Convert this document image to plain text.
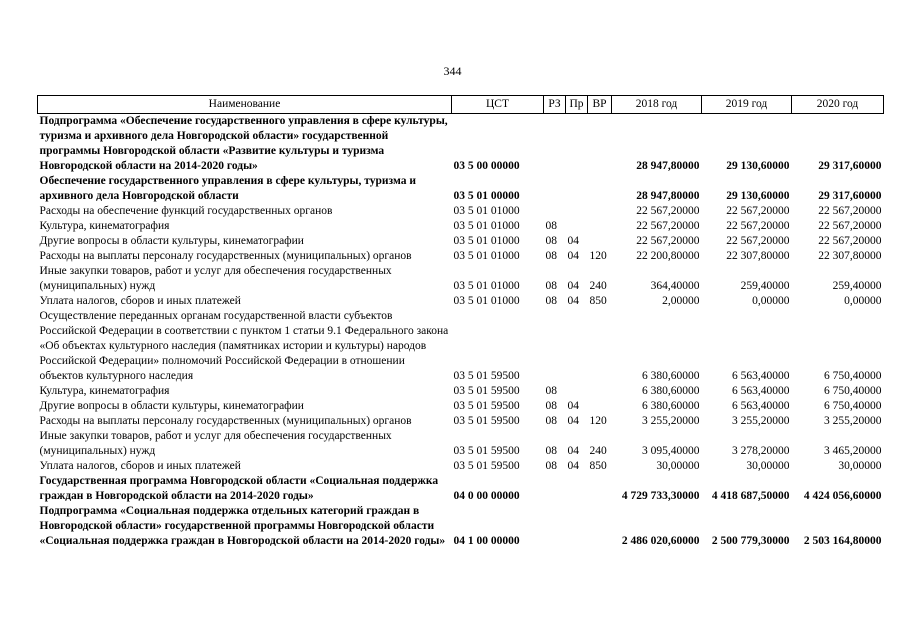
344
Наименование	ЦСТ	РЗ	Пр	ВР	2018 год	2019 год	2020 год
Подпрограмма «Обеспечение государственного управления в сфере культуры, туризма и архивного дела Новгородской области» государственной программы Новгородской области «Развитие культуры и туризма Новгородской области на 2014-2020 годы»	03 5 00 00000				28 947,80000	29 130,60000	29 317,60000
Обеспечение государственного управления в сфере культуры, туризма и архивного дела Новгородской области	03 5 01 00000				28 947,80000	29 130,60000	29 317,60000
Расходы на обеспечение функций государственных органов	03 5 01 01000				22 567,20000	22 567,20000	22 567,20000
Культура, кинематография	03 5 01 01000	08			22 567,20000	22 567,20000	22 567,20000
Другие вопросы в области культуры, кинематографии	03 5 01 01000	08	04		22 567,20000	22 567,20000	22 567,20000
Расходы на выплаты персоналу государственных (муниципальных) органов	03 5 01 01000	08	04	120	22 200,80000	22 307,80000	22 307,80000
Иные закупки товаров, работ и услуг для обеспечения государственных (муниципальных) нужд	03 5 01 01000	08	04	240	364,40000	259,40000	259,40000
Уплата налогов, сборов и иных платежей	03 5 01 01000	08	04	850	2,00000	0,00000	0,00000
Осуществление переданных органам государственной власти субъектов Российской Федерации в соответствии с пунктом 1 статьи 9.1 Федерального закона «Об объектах культурного наследия (памятниках истории и культуры) народов Российской Федерации» полномочий Российской Федерации в отношении объектов культурного наследия	03 5 01 59500				6 380,60000	6 563,40000	6 750,40000
Культура, кинематография	03 5 01 59500	08			6 380,60000	6 563,40000	6 750,40000
Другие вопросы в области культуры, кинематографии	03 5 01 59500	08	04		6 380,60000	6 563,40000	6 750,40000
Расходы на выплаты персоналу государственных (муниципальных) органов	03 5 01 59500	08	04	120	3 255,20000	3 255,20000	3 255,20000
Иные закупки товаров, работ и услуг для обеспечения государственных (муниципальных) нужд	03 5 01 59500	08	04	240	3 095,40000	3 278,20000	3 465,20000
Уплата налогов, сборов и иных платежей	03 5 01 59500	08	04	850	30,00000	30,00000	30,00000
Государственная программа Новгородской области «Социальная поддержка граждан в Новгородской области на 2014-2020 годы»	04 0 00 00000				4 729 733,30000	4 418 687,50000	4 424 056,60000
Подпрограмма «Социальная поддержка отдельных категорий граждан в Новгородской области» государственной программы Новгородской области «Социальная поддержка граждан в Новгородской области на 2014-2020 годы»	04 1 00 00000				2 486 020,60000	2 500 779,30000	2 503 164,80000
